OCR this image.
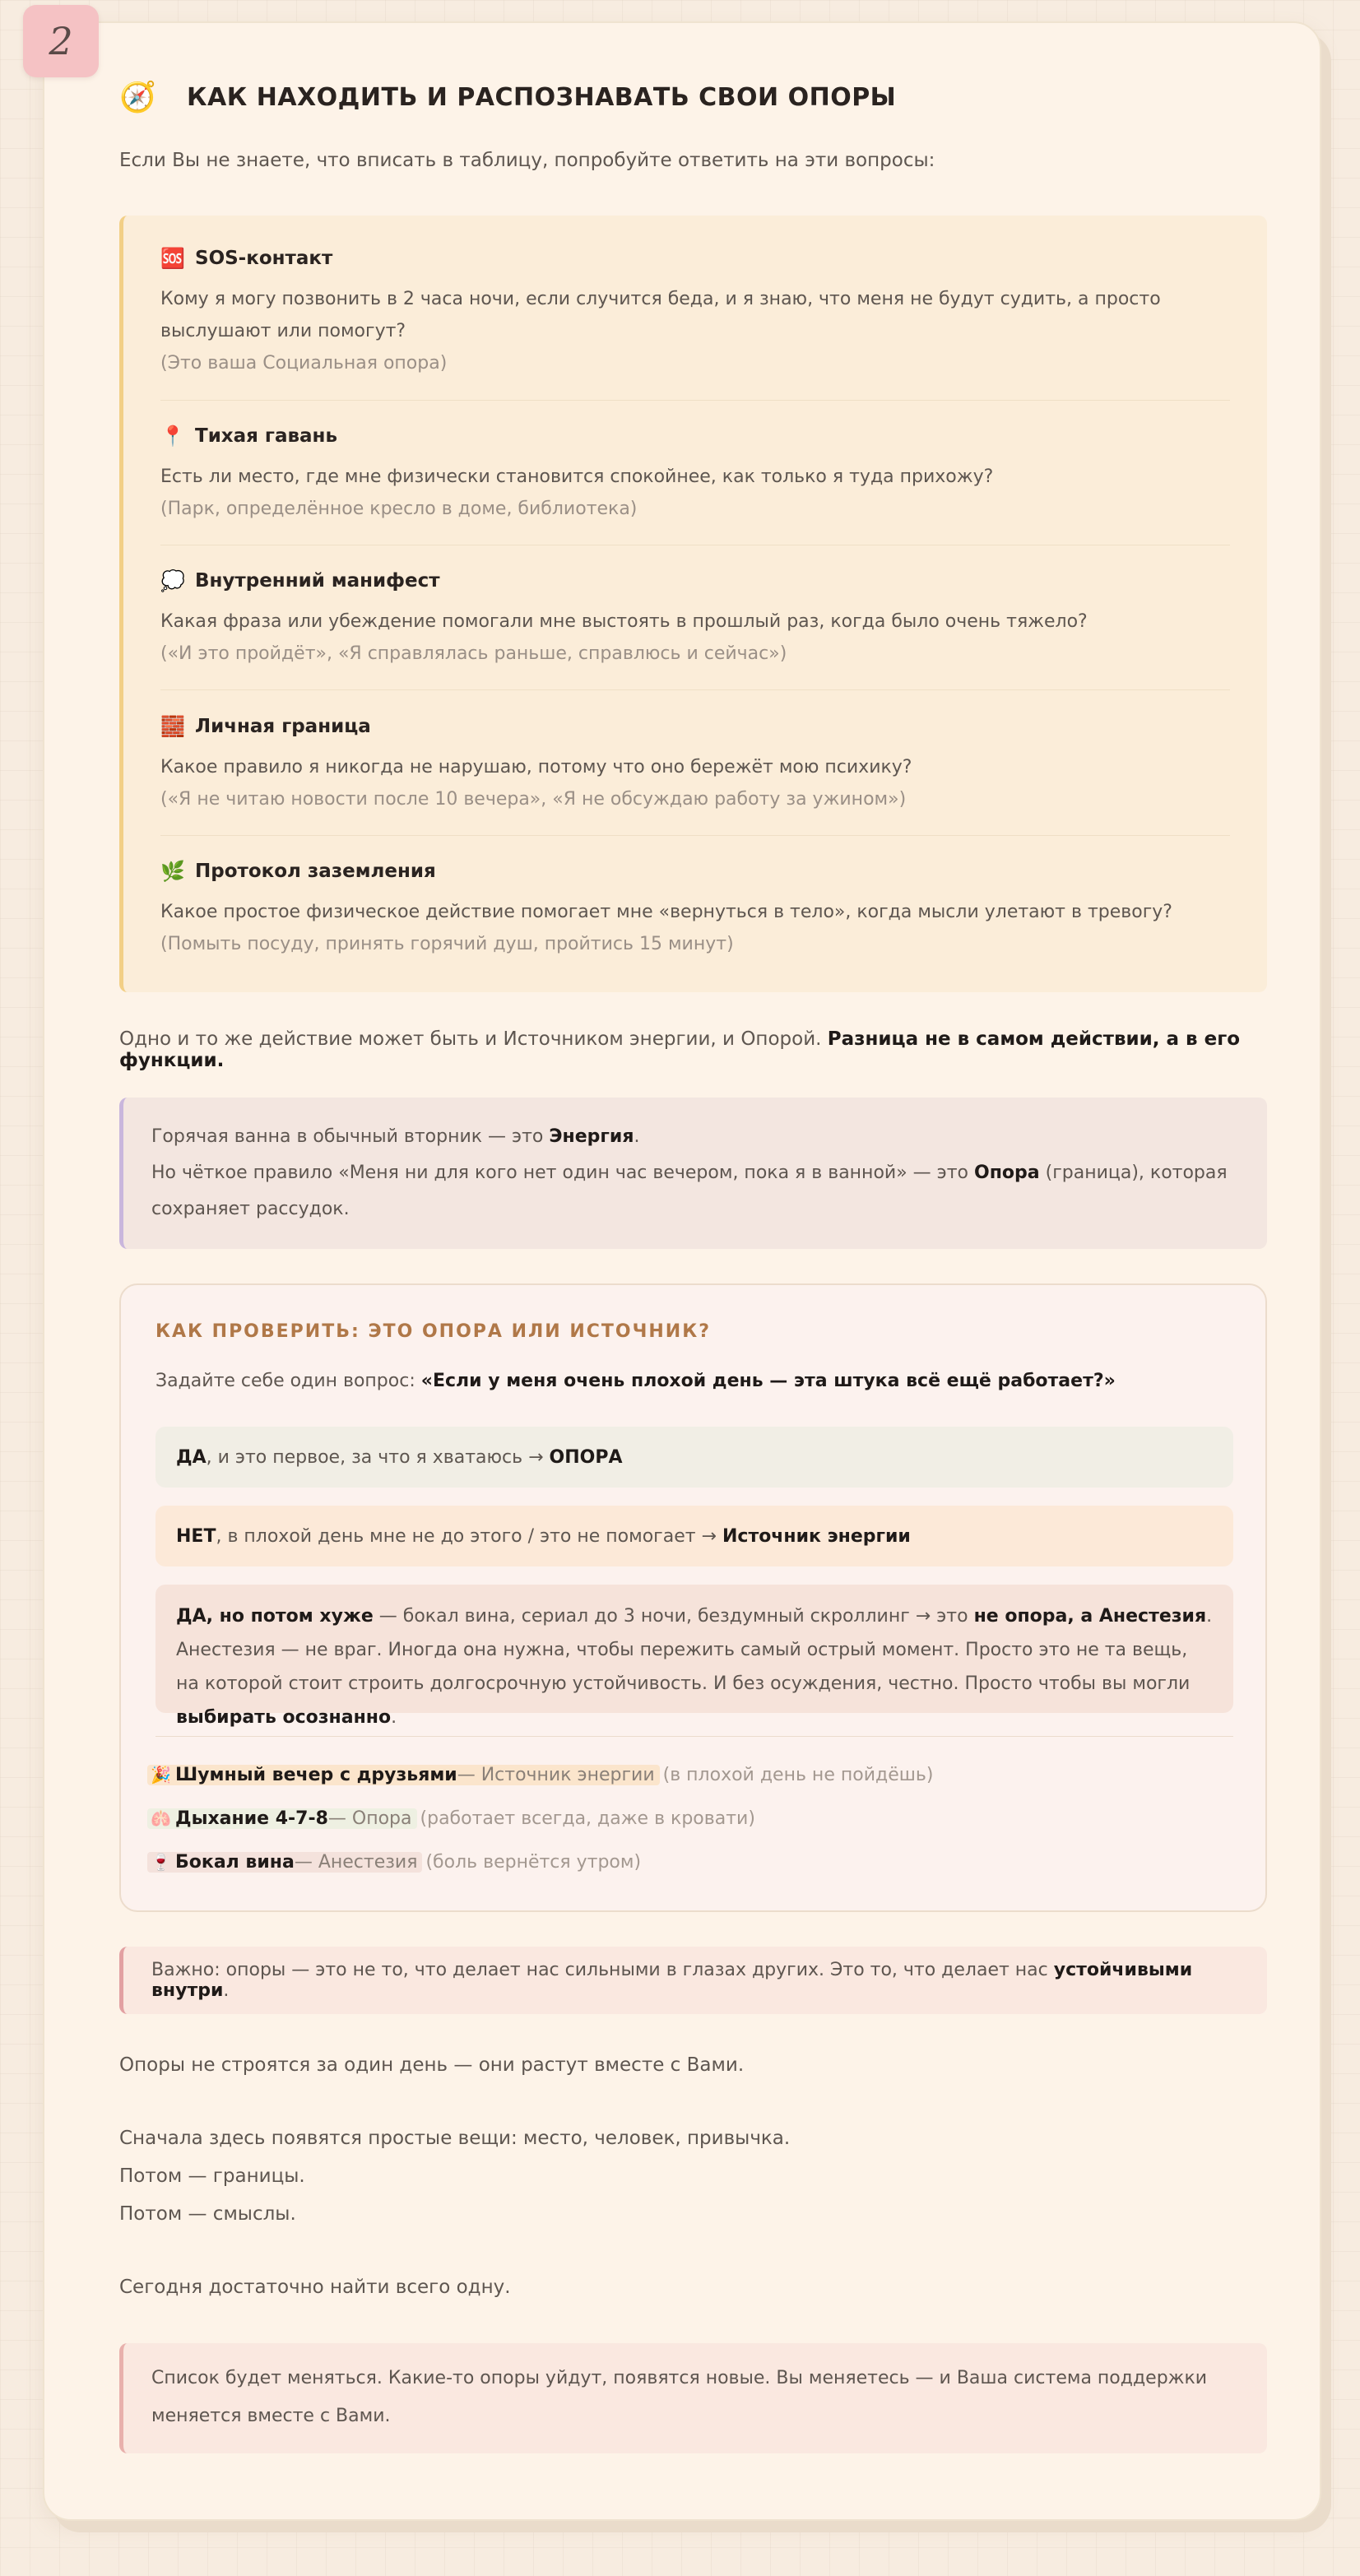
2
🧭	КАК НАХОДИТЬ И РАСПОЗНАВАТЬ СВОИ ОПОРЫ
Если Вы не знаете, что вписать в таблицу, попробуйте ответить на эти вопросы:
🆘 SOS-контакт
Кому я могу позвонить в 2 часа ночи, если случится беда, и я знаю, что меня не будут судить, а просто выслушают или помогут?
(Это ваша Социальная опора)
📍 Тихая гавань
Есть ли место, где мне физически становится спокойнее, как только я туда прихожу?
(Парк, определённое кресло в доме, библиотека)
💭 Внутренний манифест
Какая фраза или убеждение помогали мне выстоять в прошлый раз, когда было очень тяжело?
(«И это пройдёт», «Я справлялась раньше, справлюсь и сейчас»)
🧱 Личная граница
Какое правило я никогда не нарушаю, потому что оно бережёт мою психику?
(«Я не читаю новости после 10 вечера», «Я не обсуждаю работу за ужином»)
🌿 Протокол заземления
Какое простое физическое действие помогает мне «вернуться в тело», когда мысли улетают в тревогу?
(Помыть посуду, принять горячий душ, пройтись 15 минут)
Одно и то же действие может быть и Источником энергии, и Опорой. Разница не в самом действии, а в его функции.
Горячая ванна в обычный вторник — это Энергия.
Но чёткое правило «Меня ни для кого нет один час вечером, пока я в ванной» — это Опора (граница), которая сохраняет рассудок.
КАК ПРОВЕРИТЬ: ЭТО ОПОРА ИЛИ ИСТОЧНИК?
Задайте себе один вопрос: «Если у меня очень плохой день — эта штука всё ещё работает?»
ДА, и это первое, за что я хватаюсь → ОПОРА
НЕТ, в плохой день мне не до этого / это не помогает → Источник энергии
ДА, но потом хуже — бокал вина, сериал до 3 ночи, бездумный скроллинг → это не опора, а Анестезия. Анестезия — не враг. Иногда она нужна, чтобы пережить самый острый момент. Просто это не та вещь, на которой стоит строить долгосрочную устойчивость. И без осуждения, честно. Просто чтобы вы могли выбирать осознанно.
🎉 Шумный вечер с друзьями — Источник энергии (в плохой день не пойдёшь)
🫁 Дыхание 4-7-8 — Опора (работает всегда, даже в кровати)
🍷 Бокал вина — Анестезия (боль вернётся утром)
Важно: опоры — это не то, что делает нас сильными в глазах других. Это то, что делает нас устойчивыми внутри.
Опоры не строятся за один день — они растут вместе с Вами.
Сначала здесь появятся простые вещи: место, человек, привычка.
Потом — границы.
Потом — смыслы.
Сегодня достаточно найти всего одну.
Список будет меняться. Какие-то опоры уйдут, появятся новые. Вы меняетесь — и Ваша система поддержки меняется вместе с Вами.
